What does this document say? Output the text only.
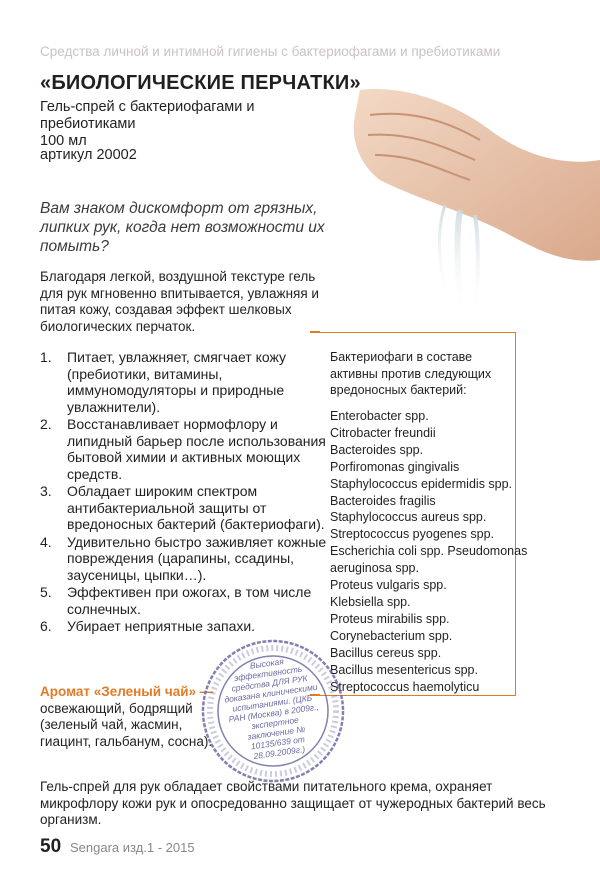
Средства личной и интимной гигиены с бактериофагами и пребиотиками
«БИОЛОГИЧЕСКИЕ ПЕРЧАТКИ»
Гель-спрей с бактериофагами и пребиотиками
100 мл
артикул 20002
Вам знаком дискомфорт от грязных, липких рук, когда нет возможности их помыть?
Благодаря легкой, воздушной текстуре гель для рук мгновенно впитывается, увлажняя и питая кожу, создавая эффект шелковых биологических перчаток.
1. Питает, увлажняет, смягчает кожу (пребиотики, витамины, иммуномодуляторы и природные увлажнители).
2. Восстанавливает нормофлору и липидный барьер после использования бытовой химии и активных моющих средств.
3. Обладает широким спектром антибактериальной защиты от вредоносных бактерий (бактериофаги).
4. Удивительно быстро заживляет кожные повреждения (царапины, ссадины, заусеницы, цыпки…).
5. Эффективен при ожогах, в том числе солнечных.
6. Убирает неприятные запахи.
Бактериофаги в составе активны против следующих вредоносных бактерий:
Enterobacter spp.
Citrobacter freundii
Bacteroides spp.
Porfiromonas gingivalis
Staphylococcus epidermidis spp.
Bacteroides fragilis
Staphylococcus aureus spp.
Streptococcus pyogenes spp.
Escherichia coli spp. Pseudomonas
aeruginosa spp.
Proteus vulgaris spp.
Klebsiella spp.
Proteus mirabilis spp.
Corynebacterium spp.
Bacillus cereus spp.
Bacillus mesentericus spp.
Streptococcus haemolyticu
Аромат «Зеленый чай» — освежающий, бодрящий (зеленый чай, жасмин, гиацинт, гальбанум, сосна).
Высокая эффективность средства ДЛЯ РУК доказана клиническими испытаниями. (ЦКБ РАН (Москва) в 2009г., экспертное заключение № 10135/639 от 28.09.2009г.)
Гель-спрей для рук обладает свойствами питательного крема, охраняет микрофлору кожи рук и опосредованно защищает от чужеродных бактерий весь организм.
50 Sengara изд.1 - 2015
